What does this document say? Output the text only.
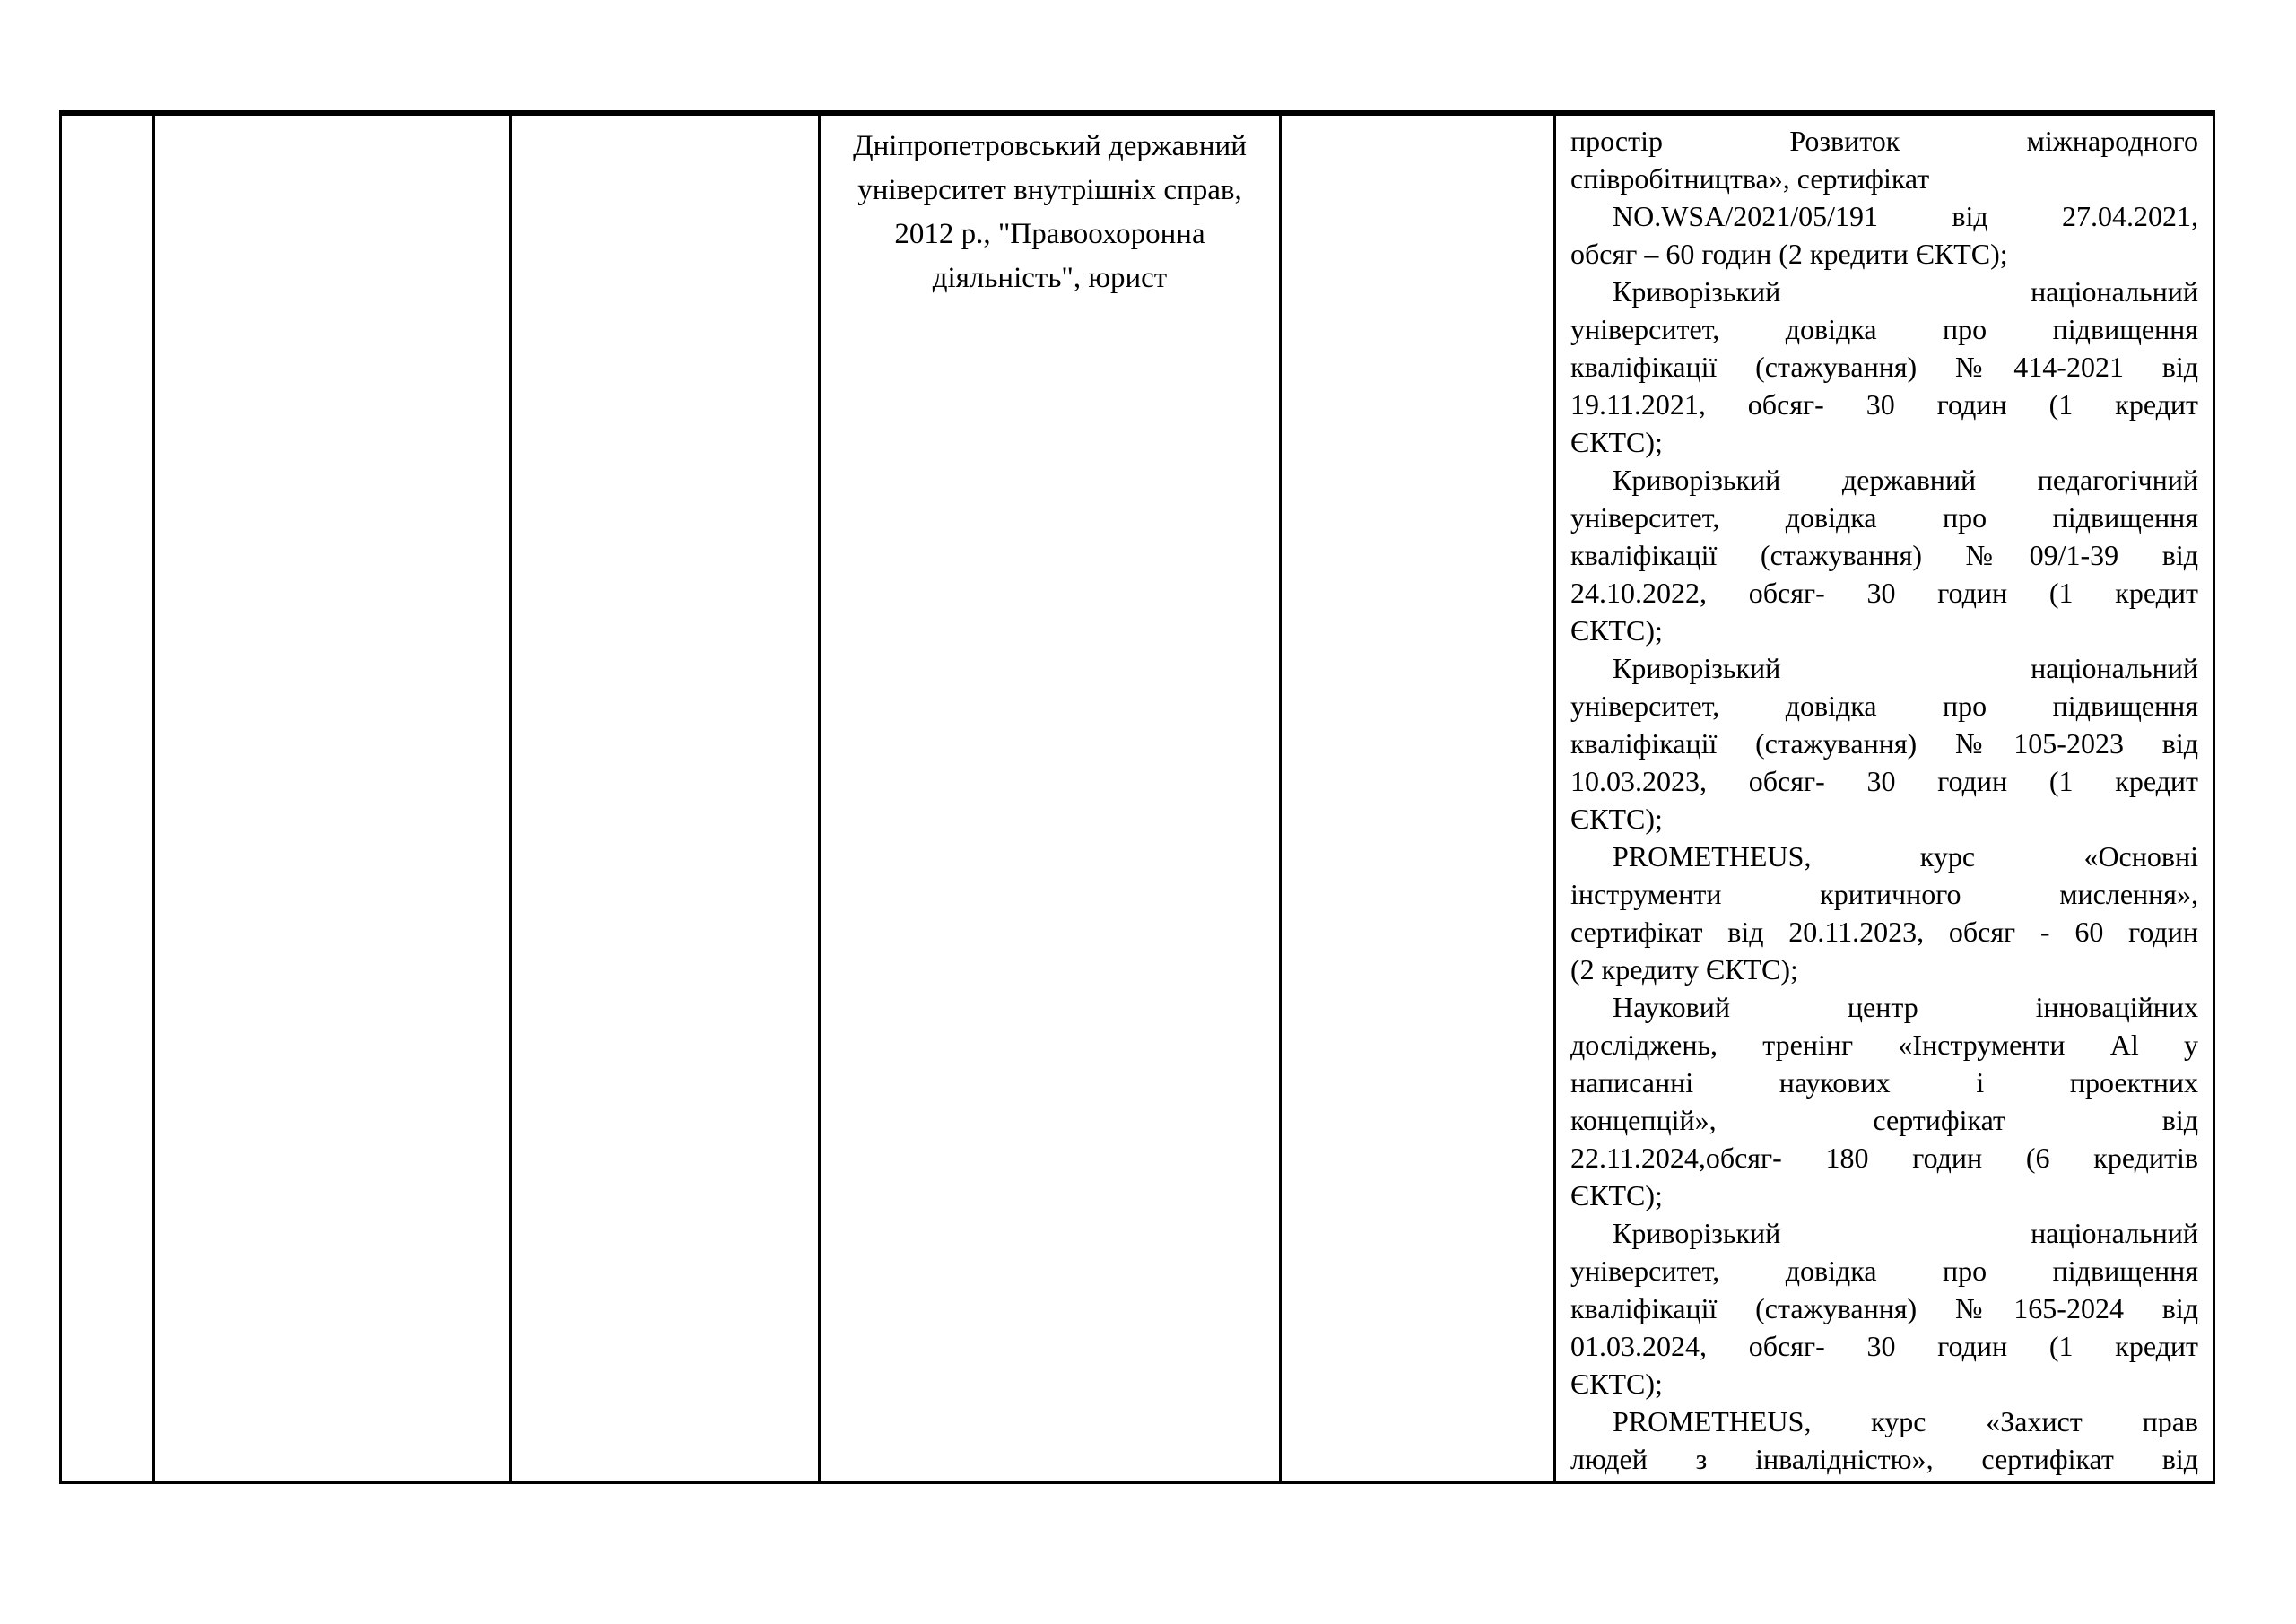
Дніпропетровський державний
університет внутрішніх справ,
2012 р., "Правоохоронна
діяльність", юрист
простір Розвиток міжнародного
співробітництва», сертифікат
NO.WSA/2021/05/191 від 27.04.2021,
обсяг – 60 годин (2 кредити ЄКТС);
Криворізький національний
університет, довідка про підвищення
кваліфікації (стажування) №414-2021 від
19.11.2021, обсяг- 30 годин (1 кредит
ЄКТС);
Криворізький державний педагогічний
університет, довідка про підвищення
кваліфікації (стажування) №09/1-39 від
24.10.2022, обсяг- 30 годин (1 кредит
ЄКТС);
Криворізький національний
університет, довідка про підвищення
кваліфікації (стажування) №105-2023 від
10.03.2023, обсяг- 30 годин (1 кредит
ЄКТС);
PROMETHEUS, курс «Основні
інструменти критичного мислення»,
сертифікат від 20.11.2023, обсяг - 60 годин
(2 кредиту ЄКТС);
Науковий центр інноваційних
досліджень, тренінг «Інструменти Al у
написанні наукових і проектних
концепцій», сертифікат від
22.11.2024,обсяг- 180 годин (6 кредитів
ЄКТС);
Криворізький національний
університет, довідка про підвищення
кваліфікації (стажування) №165-2024 від
01.03.2024, обсяг- 30 годин (1 кредит
ЄКТС);
PROMETHEUS, курс «Захист прав
людей з інвалідністю», сертифікат від
